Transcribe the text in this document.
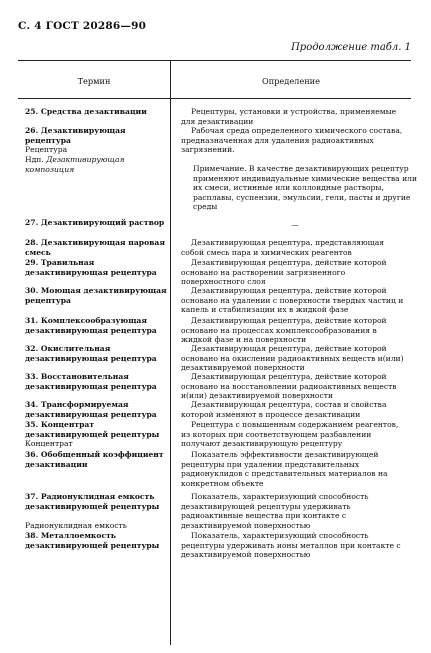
С. 4 ГОСТ 20286—90
Продолжение табл. 1
Термин	Определение
25. Средства дезактивации
26. Дезактивирующая рецептура
Рецептура
Ндп. Дезактивирующая композиция
27. Дезактивирующий раствор
28. Дезактивирующая паровая смесь
29. Травильная дезактивирующая рецептура
30. Моющая дезактивирующая рецептура
31. Комплексообразующая дезактивирующая рецептура
32. Окислительная дезактивирующая рецептура
33. Восстановительная дезактивирующая рецептура
34. Трансформируемая дезактивирующая рецептура
35. Концентрат дезактивирующей рецептуры
Концентрат
36. Обобщенный коэффициент дезактивации
37. Радионуклидная емкость дезактивирующей рецептуры
Радионуклидная емкость
38. Металлоемкость дезактивирующей рецептуры
Рецептуры, установки и устройства, применяемые для дезактивации
Рабочая среда определенного химического состава, предназначенная для удаления радиоактивных загрязнений.
Примечание. В качестве дезактивирующих рецептур применяют индивидуальные химические вещества или их смеси, истинные или коллоидные растворы, расплавы, суспензии, эмульсии, гели, пасты и другие среды
—
Дезактивирующая рецептура, представляющая собой смесь пара и химических реагентов
Дезактивирующая рецептура, действие которой основано на растворении загрязненного поверхностного слоя
Дезактивирующая рецептура, действие которой основано на удалении с поверхности твердых частиц и капель и стабилизации их в жидкой фазе
Дезактивирующая рецептура, действие которой основано на процессах комплексообразования в жидкой фазе и на поверхности
Дезактивирующая рецептура, действие которой основано на окислении радиоактивных веществ и(или) дезактивируемой поверхности
Дезактивирующая рецептура, действие которой основано на восстановлении радиоактивных веществ и(или) дезактивируемой поверхности
Дезактивирующая рецептура, состав и свойства которой изменяют в процессе дезактивации
Рецептура с повышенным содержанием реагентов, из которых при соответствующем разбавлении получают дезактивирующую рецептуру
Показатель эффективности дезактивирующей рецептуры при удалении представительных радионуклидов с представительных материалов на конкретном объекте
Показатель, характеризующий способность дезактивирующей рецептуры удерживать радиоактивные вещества при контакте с дезактивируемой поверхностью
Показатель, характеризующий способность рецептуры удерживать ионы металлов при контакте с дезактивируемой поверхностью
